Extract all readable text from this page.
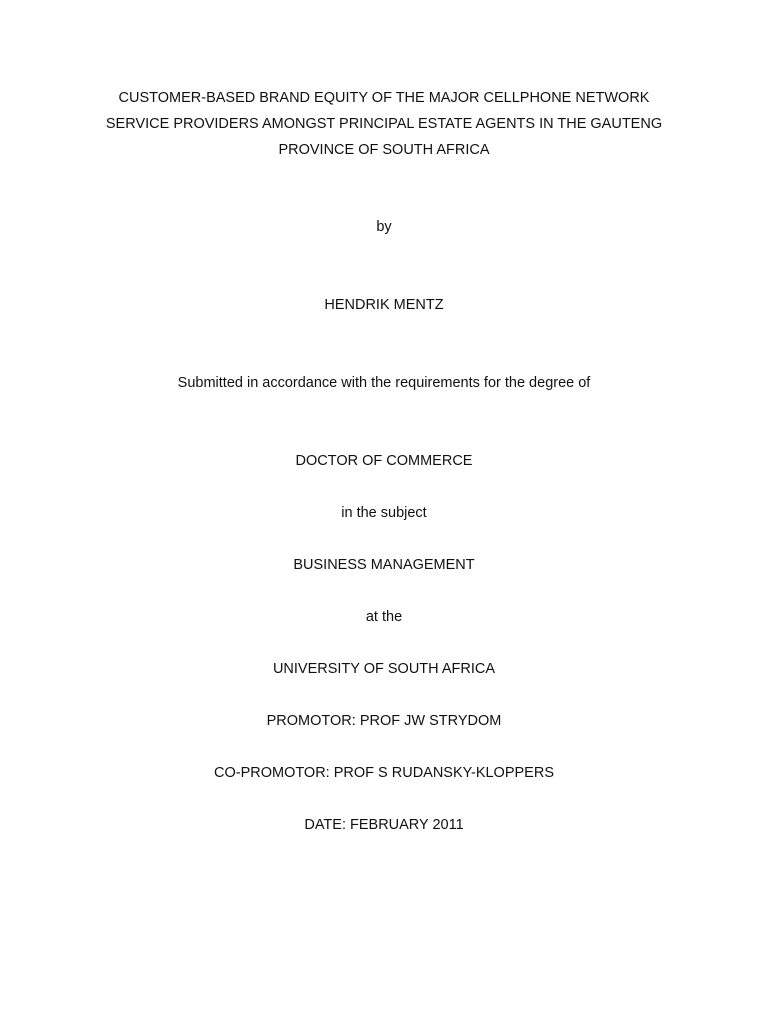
CUSTOMER-BASED BRAND EQUITY OF THE MAJOR CELLPHONE NETWORK
SERVICE PROVIDERS AMONGST PRINCIPAL ESTATE AGENTS IN THE GAUTENG
PROVINCE OF SOUTH AFRICA
by
HENDRIK MENTZ
Submitted in accordance with the requirements for the degree of
DOCTOR OF COMMERCE
in the subject
BUSINESS MANAGEMENT
at the
UNIVERSITY OF SOUTH AFRICA
PROMOTOR: PROF JW STRYDOM
CO-PROMOTOR: PROF S RUDANSKY-KLOPPERS
DATE: FEBRUARY 2011
